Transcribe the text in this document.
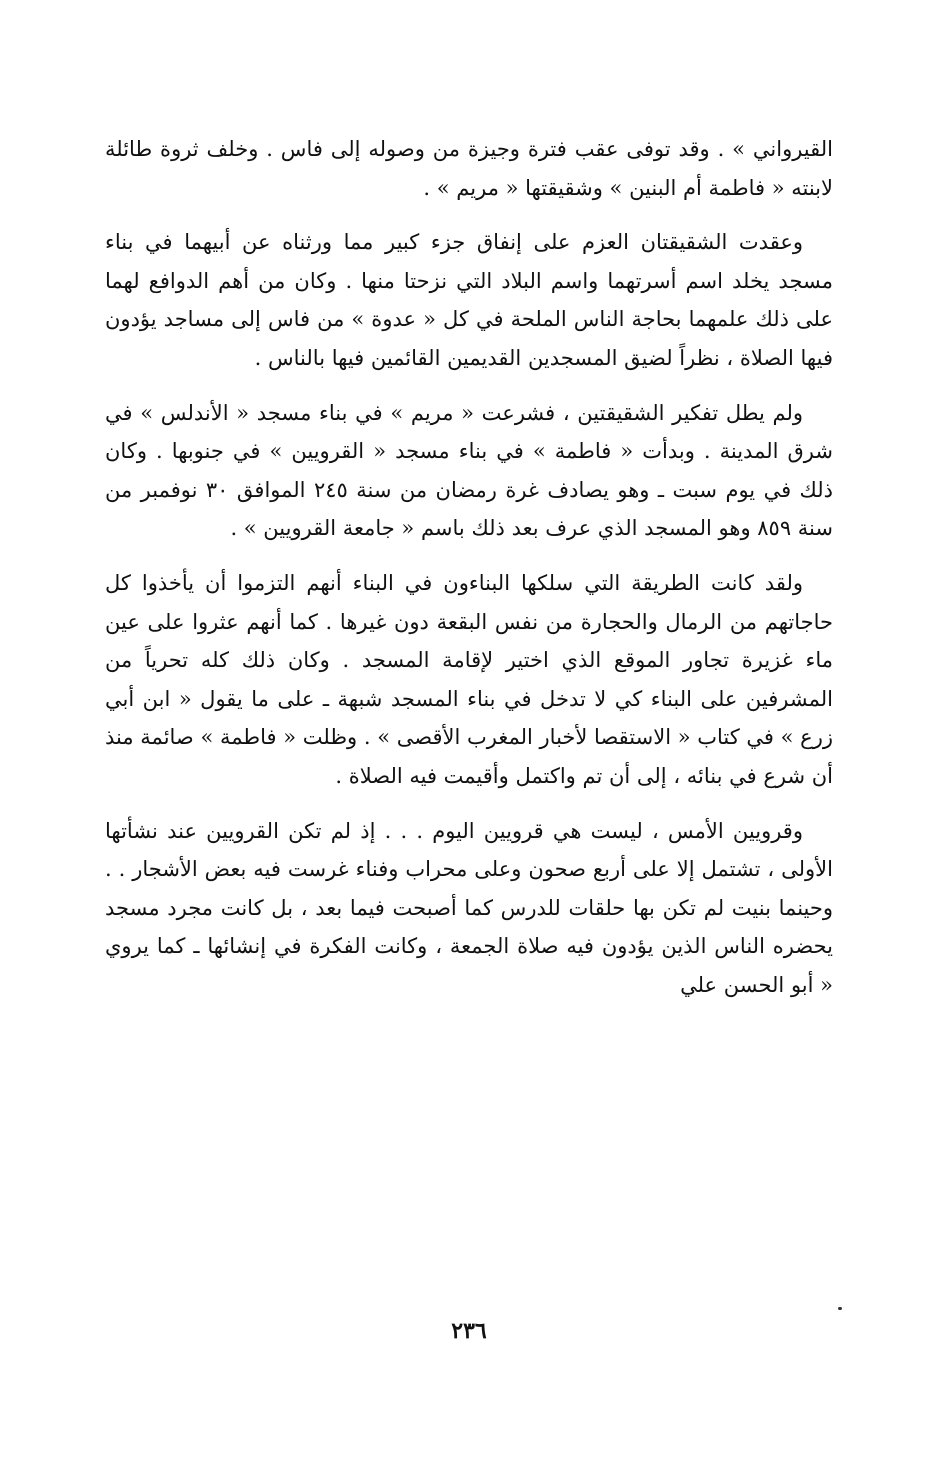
القيرواني » . وقد توفى عقب فترة وجيزة من وصوله إلى فاس . وخلف ثروة طائلة لابنته « فاطمة أم البنين » وشقيقتها « مريم » .

وعقدت الشقيقتان العزم على إنفاق جزء كبير مما ورثناه عن أبيهما في بناء مسجد يخلد اسم أسرتهما واسم البلاد التي نزحتا منها . وكان من أهم الدوافع لهما على ذلك علمهما بحاجة الناس الملحة في كل « عدوة » من فاس إلى مساجد يؤدون فيها الصلاة ، نظراً لضيق المسجدين القديمين القائمين فيها بالناس .

ولم يطل تفكير الشقيقتين ، فشرعت « مريم » في بناء مسجد « الأندلس » في شرق المدينة . وبدأت « فاطمة » في بناء مسجد « القرويين » في جنوبها . وكان ذلك في يوم سبت ـ وهو يصادف غرة رمضان من سنة ٢٤٥ الموافق ٣٠ نوفمبر من سنة ٨٥٩ وهو المسجد الذي عرف بعد ذلك باسم « جامعة القرويين » .

ولقد كانت الطريقة التي سلكها البناءون في البناء أنهم التزموا أن يأخذوا كل حاجاتهم من الرمال والحجارة من نفس البقعة دون غيرها . كما أنهم عثروا على عين ماء غزيرة تجاور الموقع الذي اختير لإقامة المسجد . وكان ذلك كله تحرياً من المشرفين على البناء كي لا تدخل في بناء المسجد شبهة ـ على ما يقول « ابن أبي زرع » في كتاب « الاستقصا لأخبار المغرب الأقصى » . وظلت « فاطمة » صائمة منذ أن شرع في بنائه ، إلى أن تم واكتمل وأقيمت فيه الصلاة .

وقرويين الأمس ، ليست هي قرويين اليوم . . . إذ لم تكن القرويين عند نشأتها الأولى ، تشتمل إلا على أربع صحون وعلى محراب وفناء غرست فيه بعض الأشجار . . وحينما بنيت لم تكن بها حلقات للدرس كما أصبحت فيما بعد ، بل كانت مجرد مسجد يحضره الناس الذين يؤدون فيه صلاة الجمعة ، وكانت الفكرة في إنشائها ـ كما يروي « أبو الحسن علي

٢٣٦
